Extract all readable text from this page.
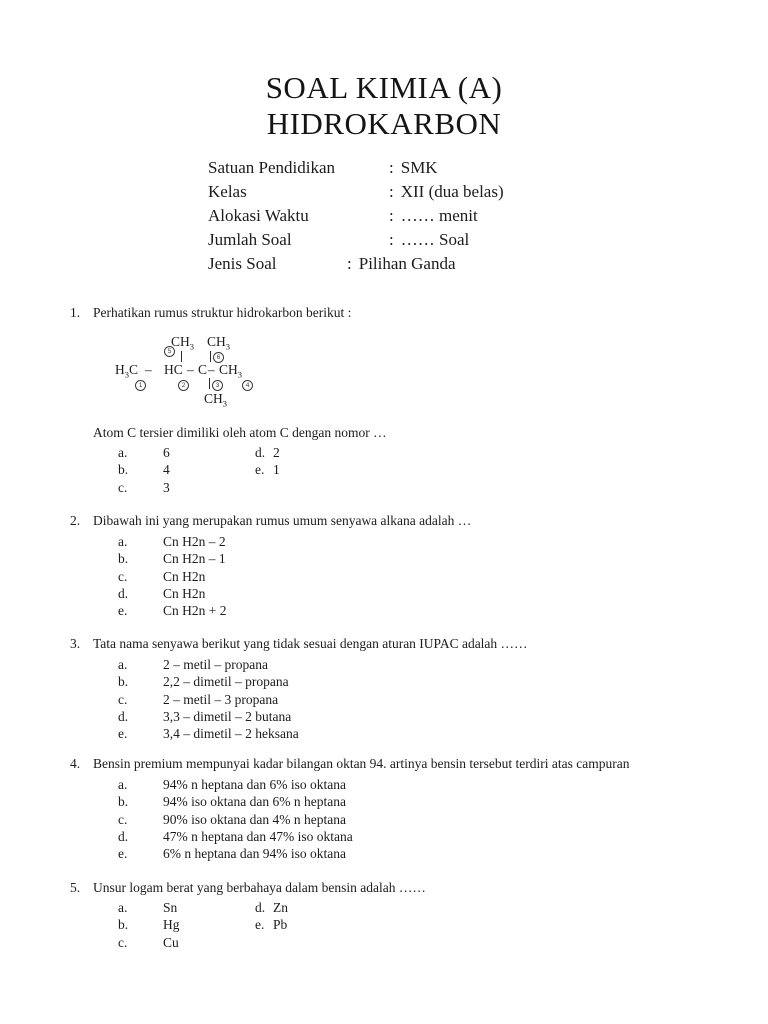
SOAL KIMIA (A)
HIDROKARBON
Satuan Pendidikan	: SMK
Kelas	: XII (dua belas)
Alokasi Waktu	: …… menit
Jumlah Soal	: …… Soal
Jenis Soal	: Pilihan Ganda
1. Perhatikan rumus struktur hidrokarbon berikut :
$CH_3$ $CH_3$
5
6
$H_3C$ – HC – C – $CH_3$
1	2	3	4
$CH_3$
Atom C tersier dimiliki oleh atom C dengan nomor …
a.	6
b.	4
c.	3
d. 2
e. 1
2. Dibawah ini yang merupakan rumus umum senyawa alkana adalah …
a.	Cn H2n – 2
b.	Cn H2n – 1
c.	Cn H2n
d.	Cn H2n
e.	Cn H2n + 2
3. Tata nama senyawa berikut yang tidak sesuai dengan aturan IUPAC adalah ……
a.	2 – metil – propana
b.	2,2 – dimetil – propana
c.	2 – metil – 3 propana
d.	3,3 – dimetil – 2 butana
e.	3,4 – dimetil – 2 heksana
4. Bensin premium mempunyai kadar bilangan oktan 94. artinya bensin tersebut terdiri atas campuran
a.	94% n heptana dan 6% iso oktana
b.	94% iso oktana dan 6% n heptana
c.	90% iso oktana dan 4% n heptana
d.	47% n heptana dan 47% iso oktana
e.	6% n heptana dan 94% iso oktana
5. Unsur logam berat yang berbahaya dalam bensin adalah ……
a.	Sn
b.	Hg
c.	Cu
d. Zn
e. Pb
